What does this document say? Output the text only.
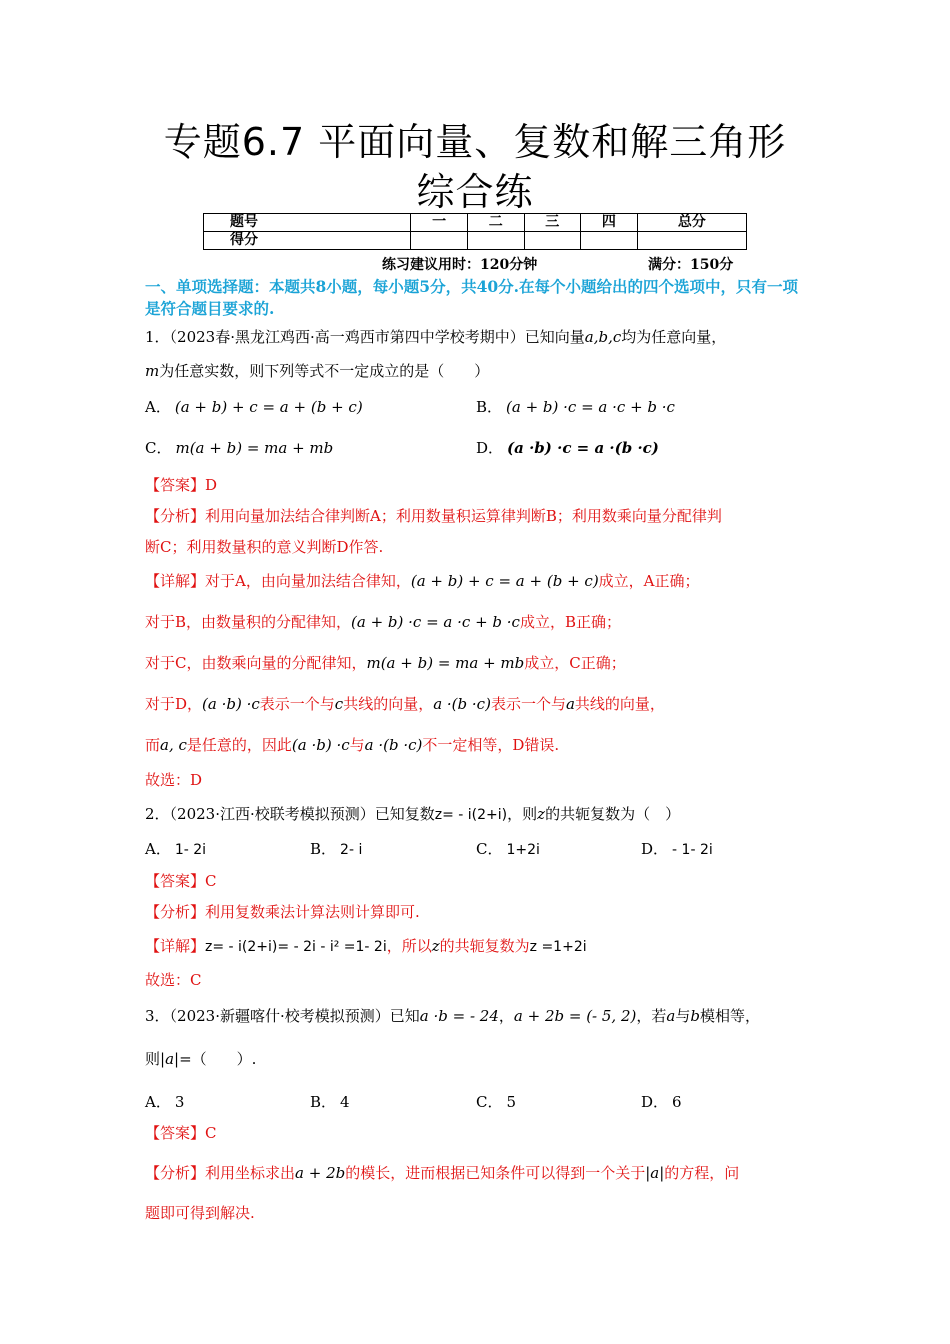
专题6.7 平面向量、复数和解三角形
综合练
题号	一	二	三	四	总分
得分					
练习建议用时：120分钟	满分：150分
一、单项选择题：本题共8小题，每小题5分，共40分.在每个小题给出的四个选项中，只有一项是符合题目要求的.
1．（2023春·黑龙江鸡西·高一鸡西市第四中学校考期中）已知向量a,b,c均为任意向量，
m为任意实数，则下列等式不一定成立的是（　　）
A． (a + b) + c = a + (b + c)	B． (a + b) ·c = a ·c + b ·c
C． m(a + b) = ma + mb	D． (a ·b) ·c = a ·(b ·c)
【答案】D
【分析】利用向量加法结合律判断A；利用数量积运算律判断B；利用数乘向量分配律判
断C；利用数量积的意义判断D作答.
【详解】对于A，由向量加法结合律知，(a + b) + c = a + (b + c)成立，A正确；
对于B，由数量积的分配律知，(a + b) ·c = a ·c + b ·c成立，B正确；
对于C，由数乘向量的分配律知，m(a + b) = ma + mb成立，C正确；
对于D，(a ·b) ·c表示一个与c共线的向量，a ·(b ·c)表示一个与a共线的向量，
而a, c是任意的，因此(a ·b) ·c与a ·(b ·c)不一定相等，D错误.
故选：D
2．（2023·江西·校联考模拟预测）已知复数z= - i(2+i)，则z的共轭复数为（　）
A． 1- 2i	B． 2- i	C． 1+2i	D． - 1- 2i
【答案】C
【分析】利用复数乘法计算法则计算即可.
【详解】z= - i(2+i)= - 2i - i² =1- 2i，所以z的共轭复数为z =1+2i
故选：C
3．（2023·新疆喀什·校考模拟预测）已知a ·b = - 24，a + 2b = (- 5, 2)，若a与b模相等，
则|a|=（　　）.
A． 3	B． 4	C． 5	D． 6
【答案】C
【分析】利用坐标求出a + 2b的模长，进而根据已知条件可以得到一个关于|a|的方程，问
题即可得到解决.
